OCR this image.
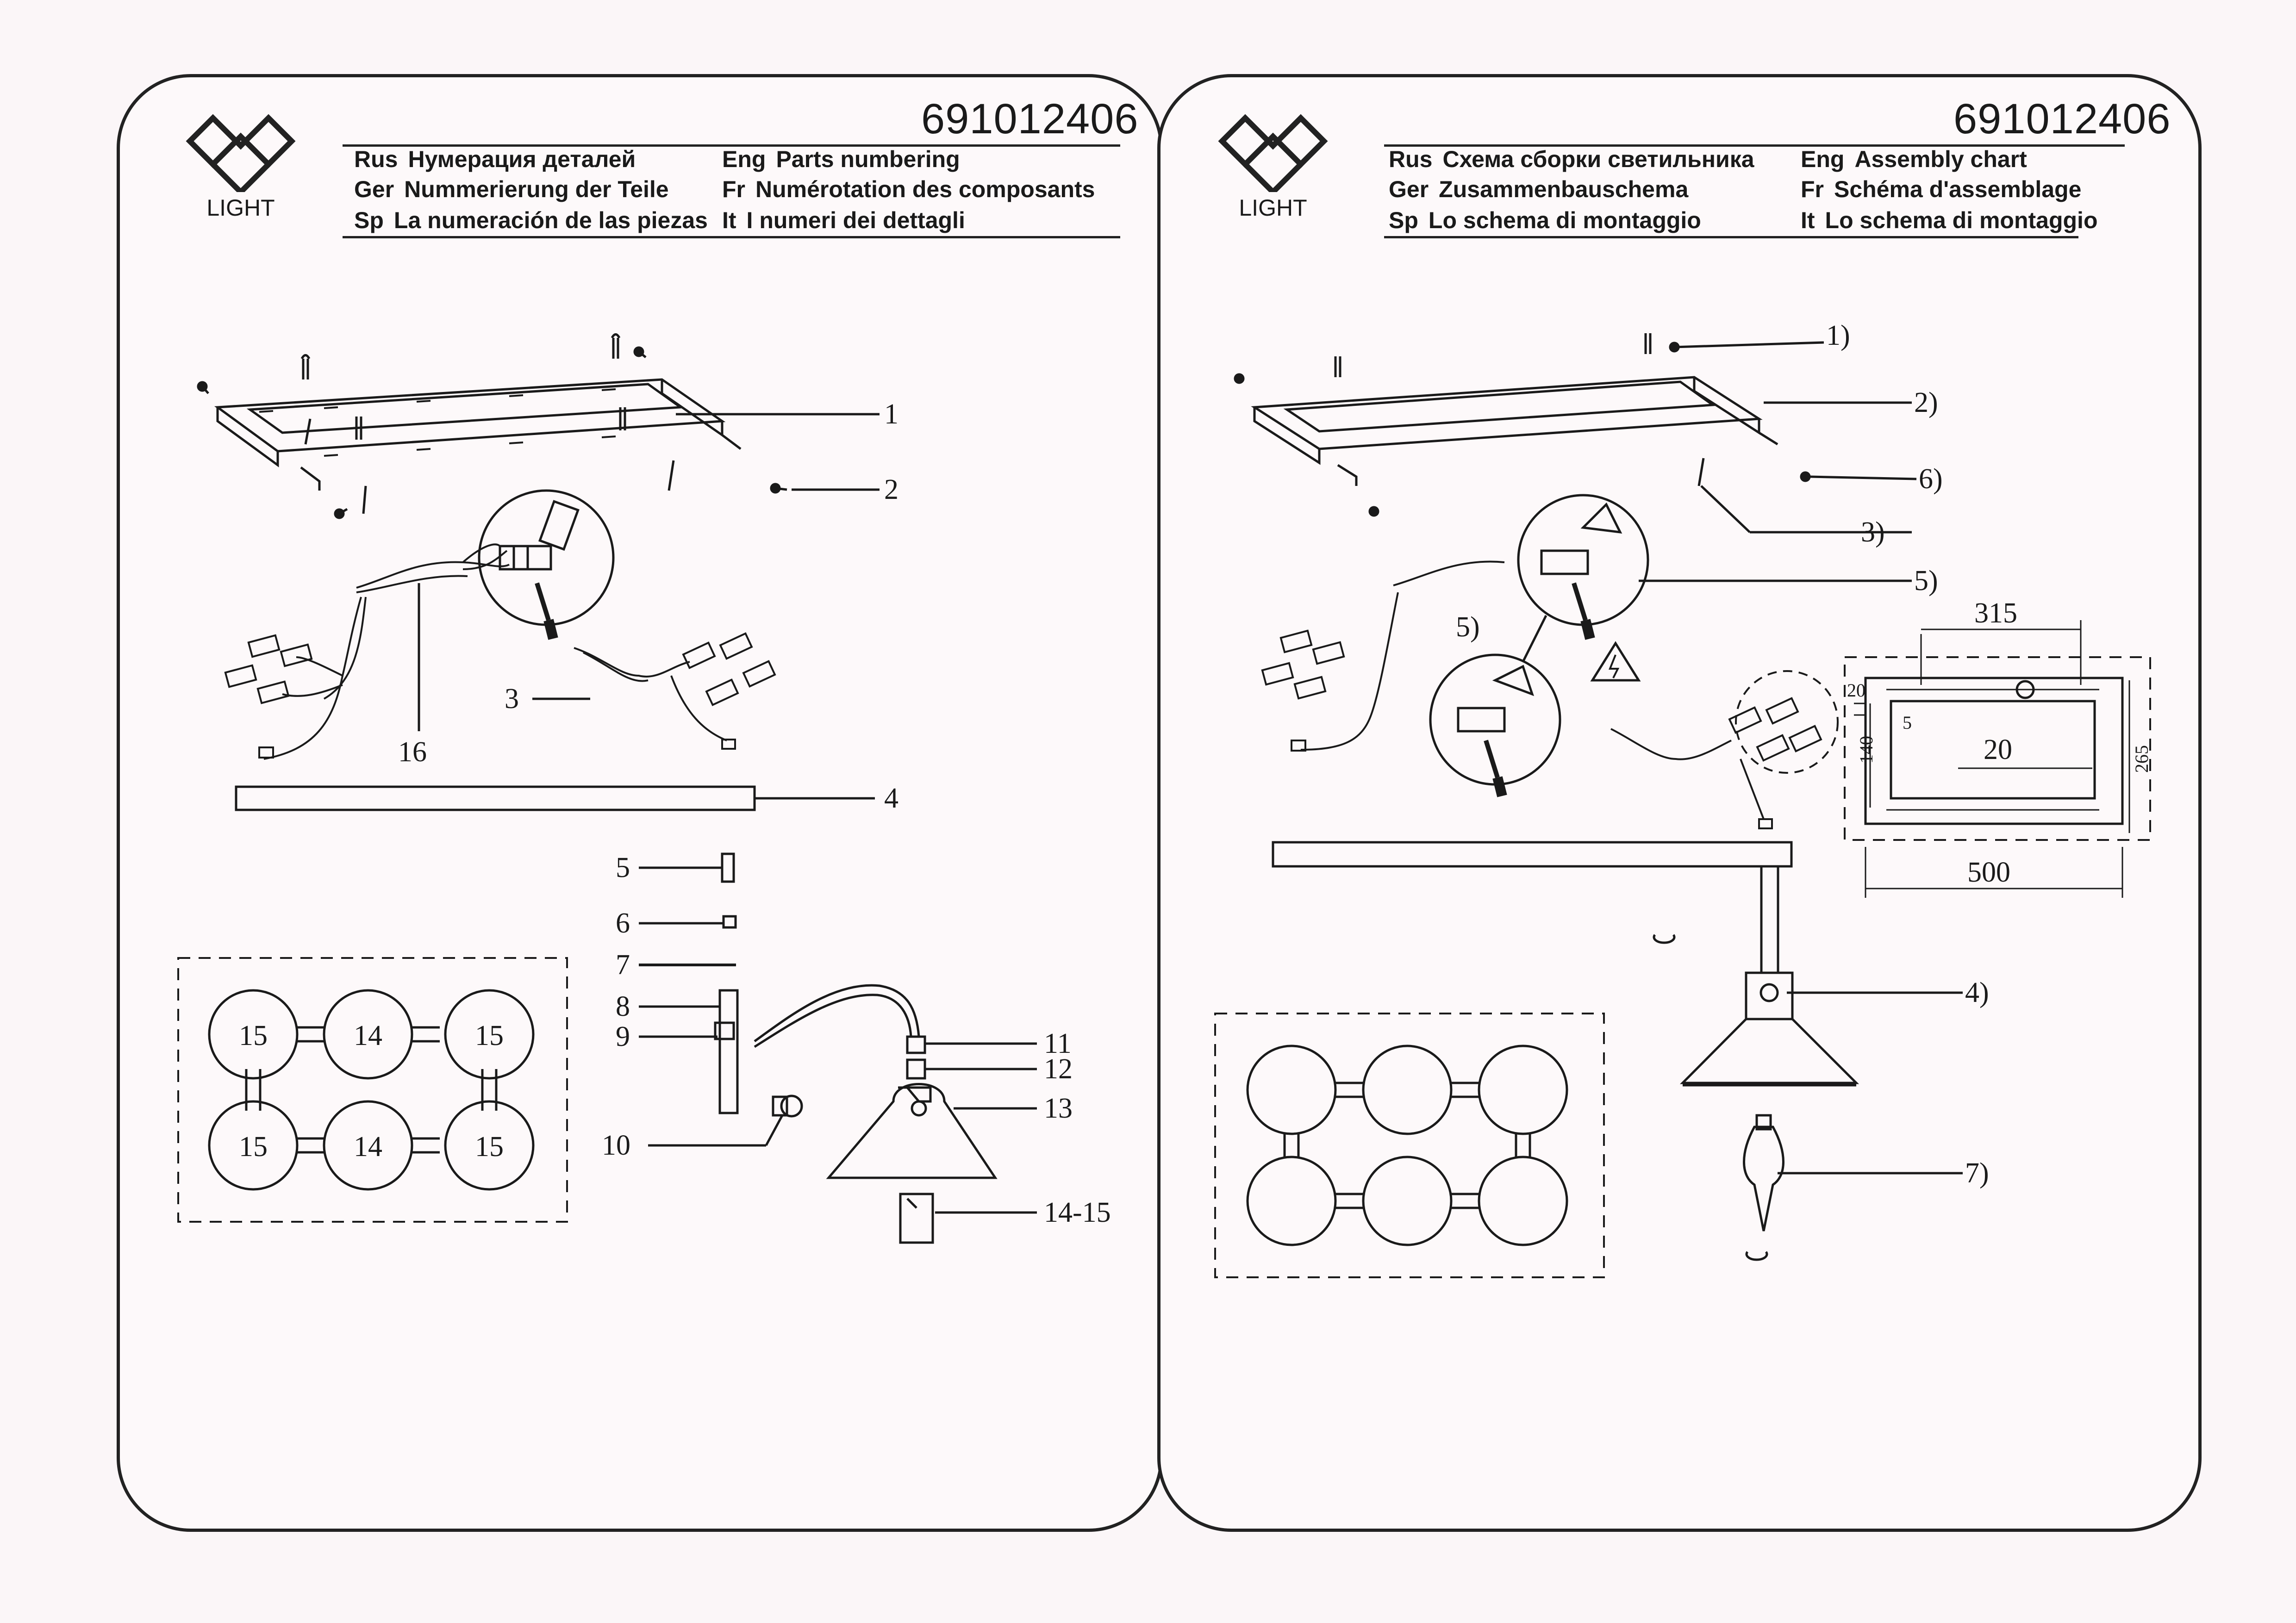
LIGHT
691012406
Rus Нумерация деталей	Eng Parts numbering
Ger Nummerierung der Teile Fr Numérotation des composants
Sp La numeración de las piezas It I numeri dei dettagli	LIGHT
691012406
Rus Схема сборки светильника Eng Assembly chart
Ger Zusammenbauschema	Fr Schéma d'assemblage
Sp Lo schema di montaggio	It Lo schema di montaggio
1
2
3
16
4
5
6
7
8
9
10
11
12
13
14-15
15	14	15
15	14	15
1)
2)
6)
3)
5)
5)
4)
7)
315
20
5
20
140	265
500
